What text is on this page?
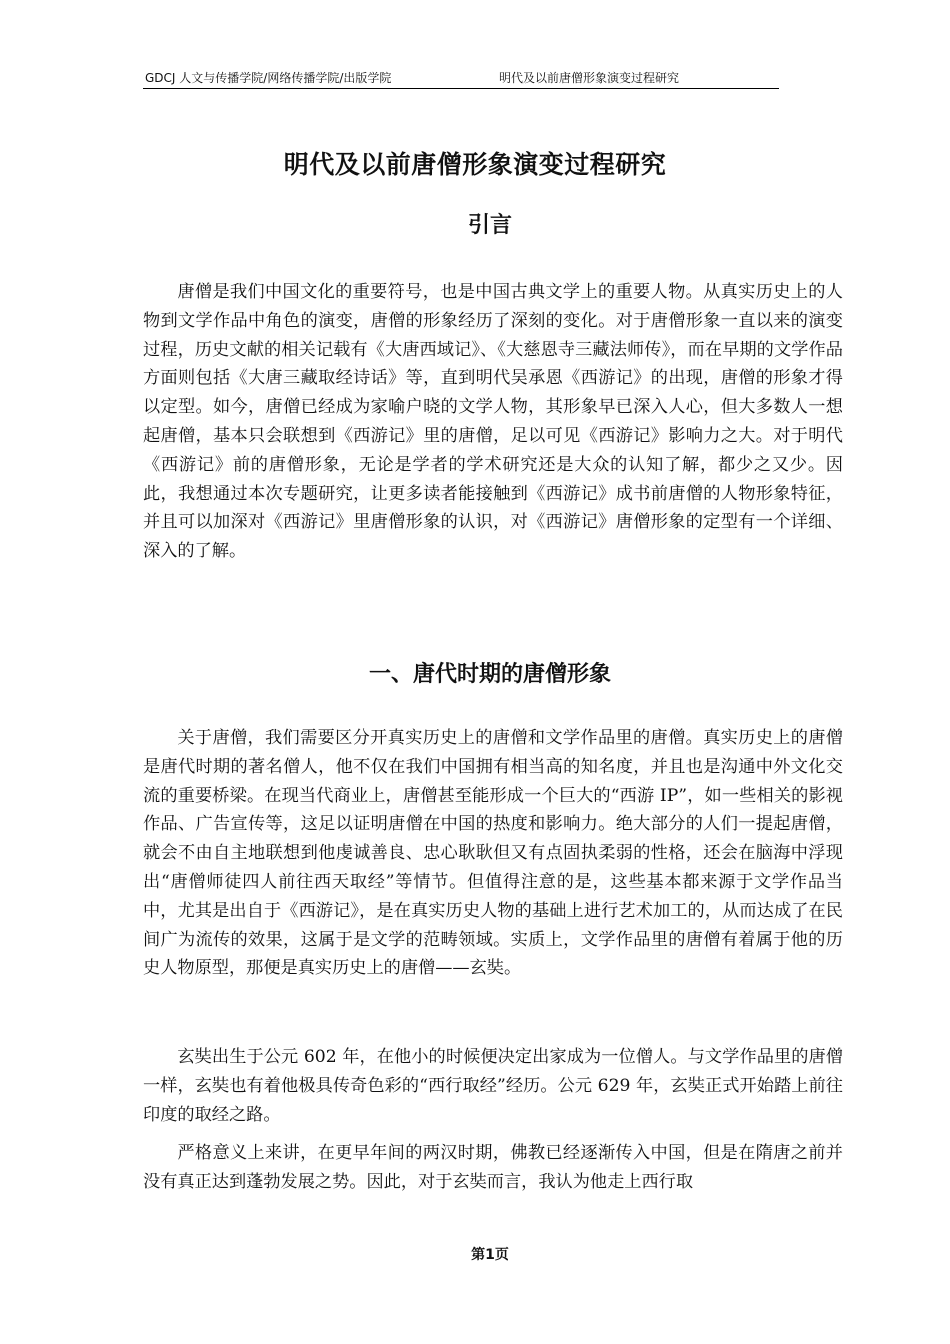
GDCJ 人文与传播学院/网络传播学院/出版学院	明代及以前唐僧形象演变过程研究
明代及以前唐僧形象演变过程研究
引言

唐僧是我们中国文化的重要符号，也是中国古典文学上的重要人物。从真实历史上的人物到文学作品中角色的演变，唐僧的形象经历了深刻的变化。对于唐僧形象一直以来的演变过程，历史文献的相关记载有《大唐西域记》、《大慈恩寺三藏法师传》，而在早期的文学作品方面则包括《大唐三藏取经诗话》等，直到明代吴承恩《西游记》的出现，唐僧的形象才得以定型。如今，唐僧已经成为家喻户晓的文学人物，其形象早已深入人心，但大多数人一想起唐僧，基本只会联想到《西游记》里的唐僧，足以可见《西游记》影响力之大。对于明代《西游记》前的唐僧形象，无论是学者的学术研究还是大众的认知了解，都少之又少。因此，我想通过本次专题研究，让更多读者能接触到《西游记》成书前唐僧的人物形象特征，并且可以加深对《西游记》里唐僧形象的认识，对《西游记》唐僧形象的定型有一个详细、深入的了解。

一、唐代时期的唐僧形象

关于唐僧，我们需要区分开真实历史上的唐僧和文学作品里的唐僧。真实历史上的唐僧是唐代时期的著名僧人，他不仅在我们中国拥有相当高的知名度，并且也是沟通中外文化交流的重要桥梁。在现当代商业上，唐僧甚至能形成一个巨大的“西游 IP”，如一些相关的影视作品、广告宣传等，这足以证明唐僧在中国的热度和影响力。绝大部分的人们一提起唐僧，就会不由自主地联想到他虔诚善良、忠心耿耿但又有点固执柔弱的性格，还会在脑海中浮现出“唐僧师徒四人前往西天取经”等情节。但值得注意的是，这些基本都来源于文学作品当中，尤其是出自于《西游记》，是在真实历史人物的基础上进行艺术加工的，从而达成了在民间广为流传的效果，这属于是文学的范畴领域。实质上，文学作品里的唐僧有着属于他的历史人物原型，那便是真实历史上的唐僧——玄奘。

玄奘出生于公元 602 年，在他小的时候便决定出家成为一位僧人。与文学作品里的唐僧一样，玄奘也有着他极具传奇色彩的“西行取经”经历。公元 629 年，玄奘正式开始踏上前往印度的取经之路。

严格意义上来讲，在更早年间的两汉时期，佛教已经逐渐传入中国，但是在隋唐之前并没有真正达到蓬勃发展之势。因此，对于玄奘而言，我认为他走上西行取

第1页
